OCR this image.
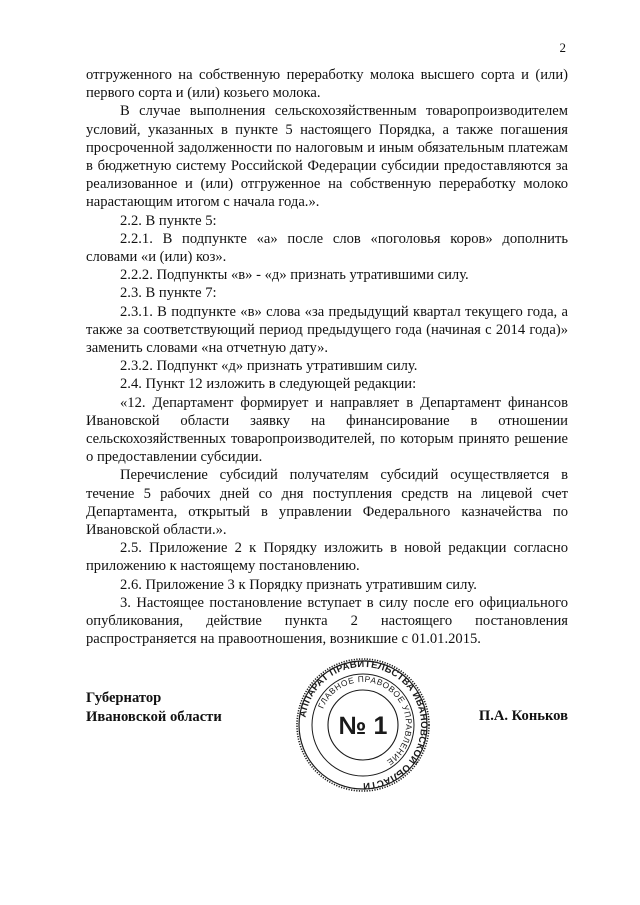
2

отгруженного на собственную переработку молока высшего сорта и (или) первого сорта и (или) козьего молока.

В случае выполнения сельскохозяйственным товаропроизводителем условий, указанных в пункте 5 настоящего Порядка, а также погашения просроченной задолженности по налоговым и иным обязательным платежам в бюджетную систему Российской Федерации субсидии предоставляются за реализованное и (или) отгруженное на собственную переработку молоко нарастающим итогом с начала года.».

2.2. В пункте 5:

2.2.1. В подпункте «а» после слов «поголовья коров» дополнить словами «и (или) коз».

2.2.2. Подпункты «в» - «д» признать утратившими силу.

2.3. В пункте 7:

2.3.1. В подпункте «в» слова «за предыдущий квартал текущего года, а также за соответствующий период предыдущего года (начиная с 2014 года)» заменить словами «на отчетную дату».

2.3.2. Подпункт «д» признать утратившим силу.

2.4. Пункт 12 изложить в следующей редакции:

«12. Департамент формирует и направляет в Департамент финансов Ивановской области заявку на финансирование в отношении сельскохозяйственных товаропроизводителей, по которым принято решение о предоставлении субсидии.

Перечисление субсидий получателям субсидий осуществляется в течение 5 рабочих дней со дня поступления средств на лицевой счет Департамента, открытый в управлении Федерального казначейства по Ивановской области.».

2.5. Приложение 2 к Порядку изложить в новой редакции согласно приложению к настоящему постановлению.

2.6. Приложение 3 к Порядку признать утратившим силу.

3. Настоящее постановление вступает в силу после его официального опубликования, действие пункта 2 настоящего постановления распространяется на правоотношения, возникшие с 01.01.2015.

Губернатор
Ивановской области	П.А. Коньков
АППАРАТ ПРАВИТЕЛЬСТВА ИВАНОВСКОЙ ОБЛАСТИ
ГЛАВНОЕ ПРАВОВОЕ УПРАВЛЕНИЕ
№ 1
